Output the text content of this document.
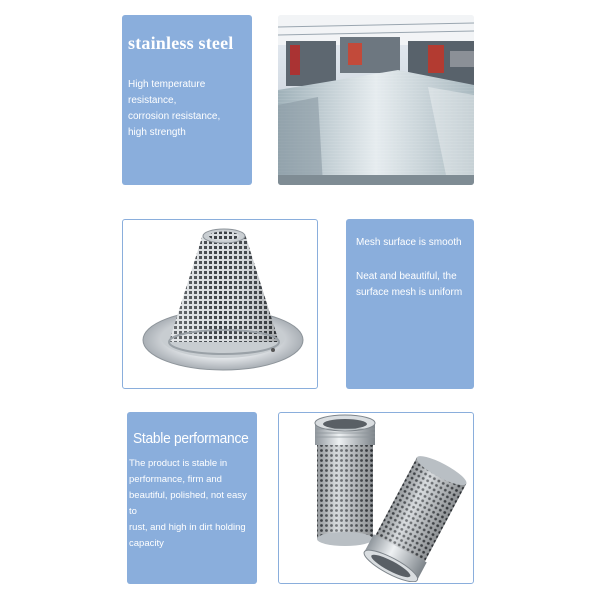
stainless steel
High temperature resistance,
corrosion resistance,
high strength
Mesh surface is smooth
Neat and beautiful, the
surface mesh is uniform
Stable performance
The product is stable in
performance, firm and
beautiful, polished, not easy to
rust, and high in dirt holding
capacity
